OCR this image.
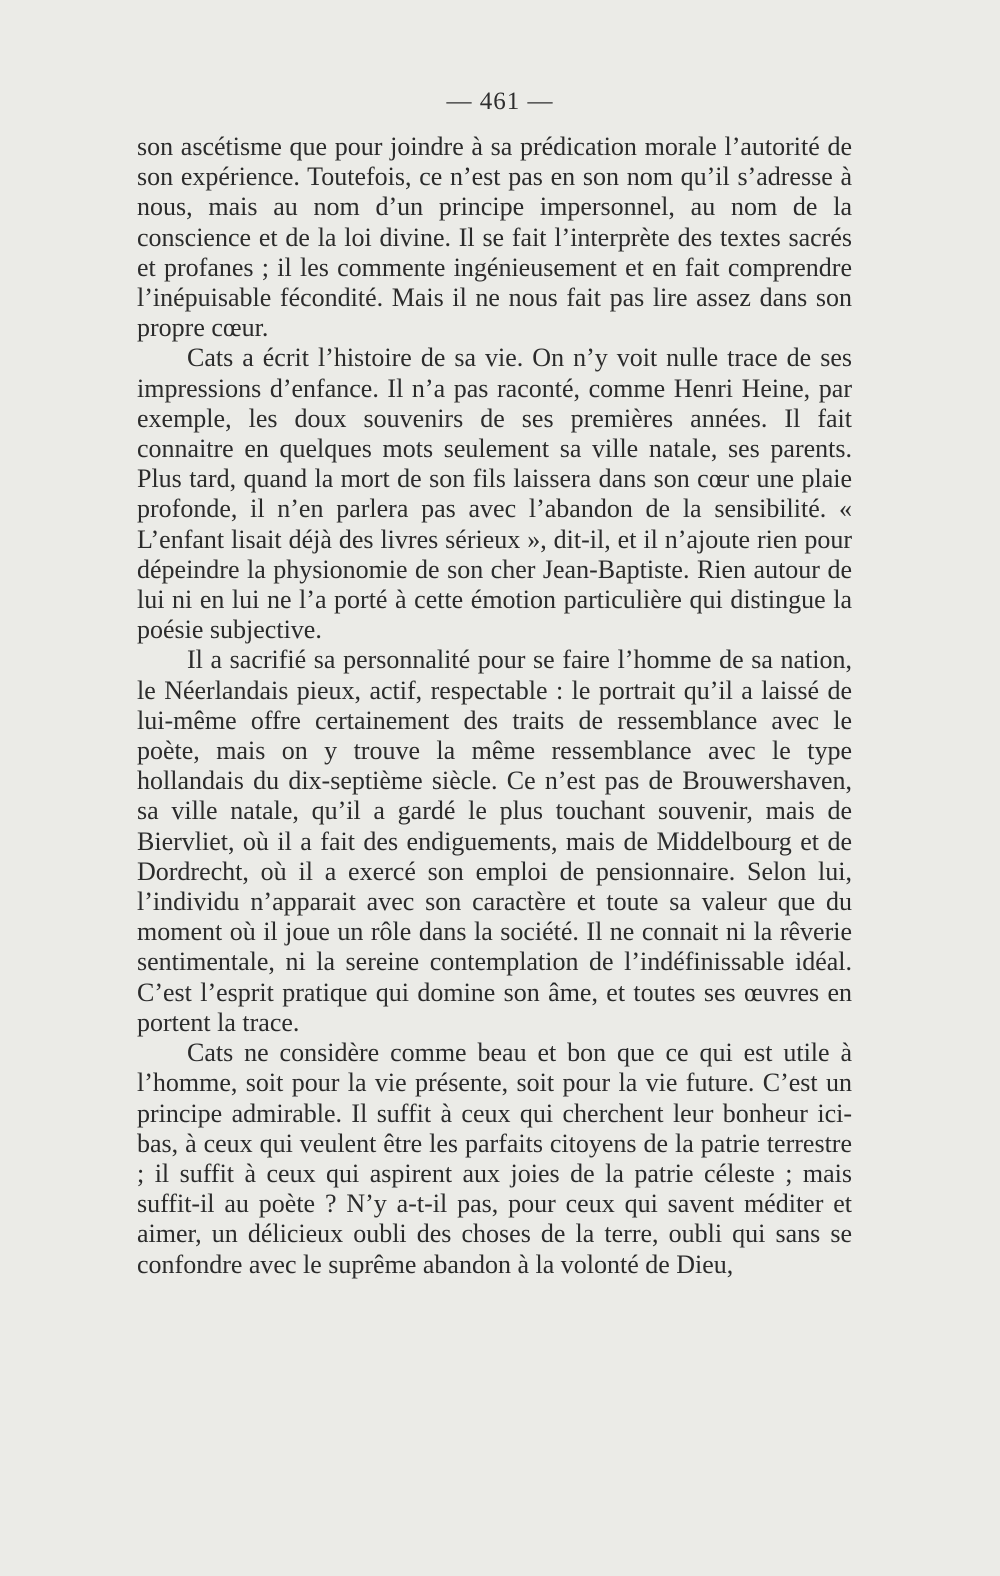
— 461 —

son ascétisme que pour joindre à sa prédication morale l’autorité de son expérience. Toutefois, ce n’est pas en son nom qu’il s’adresse à nous, mais au nom d’un principe impersonnel, au nom de la conscience et de la loi divine. Il se fait l’interprète des textes sacrés et profanes ; il les commente ingénieusement et en fait comprendre l’inépuisable fécondité. Mais il ne nous fait pas lire assez dans son propre cœur.

Cats a écrit l’histoire de sa vie. On n’y voit nulle trace de ses impressions d’enfance. Il n’a pas raconté, comme Henri Heine, par exemple, les doux souvenirs de ses premières années. Il fait connaitre en quelques mots seulement sa ville natale, ses parents. Plus tard, quand la mort de son fils laissera dans son cœur une plaie profonde, il n’en parlera pas avec l’abandon de la sensibilité. « L’enfant lisait déjà des livres sérieux », dit-il, et il n’ajoute rien pour dépeindre la physionomie de son cher Jean-Baptiste. Rien autour de lui ni en lui ne l’a porté à cette émotion particulière qui distingue la poésie subjective.

Il a sacrifié sa personnalité pour se faire l’homme de sa nation, le Néerlandais pieux, actif, respectable : le portrait qu’il a laissé de lui-même offre certainement des traits de ressemblance avec le poète, mais on y trouve la même ressemblance avec le type hollandais du dix-septième siècle. Ce n’est pas de Brouwershaven, sa ville natale, qu’il a gardé le plus touchant souvenir, mais de Biervliet, où il a fait des endiguements, mais de Middelbourg et de Dordrecht, où il a exercé son emploi de pensionnaire. Selon lui, l’individu n’apparait avec son caractère et toute sa valeur que du moment où il joue un rôle dans la société. Il ne connait ni la rêverie sentimentale, ni la sereine contemplation de l’indéfinissable idéal. C’est l’esprit pratique qui domine son âme, et toutes ses œuvres en portent la trace.

Cats ne considère comme beau et bon que ce qui est utile à l’homme, soit pour la vie présente, soit pour la vie future. C’est un principe admirable. Il suffit à ceux qui cherchent leur bonheur ici-bas, à ceux qui veulent être les parfaits citoyens de la patrie terrestre ; il suffit à ceux qui aspirent aux joies de la patrie céleste ; mais suffit-il au poète ? N’y a-t-il pas, pour ceux qui savent méditer et aimer, un délicieux oubli des choses de la terre, oubli qui sans se confondre avec le suprême abandon à la volonté de Dieu,
